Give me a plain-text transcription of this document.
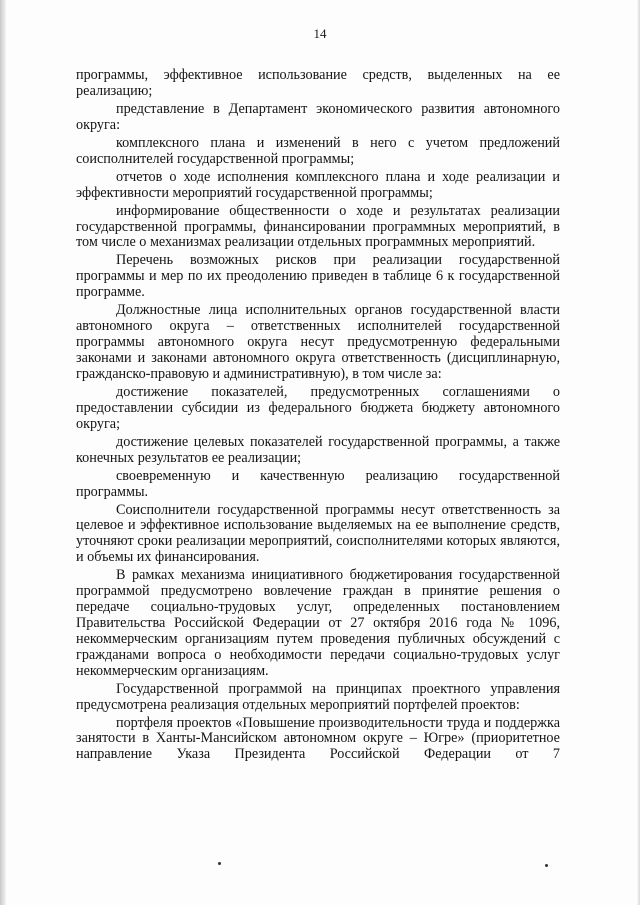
14

программы, эффективное использование средств, выделенных на ее реализацию;

представление в Департамент экономического развития автономного округа:

комплексного плана и изменений в него с учетом предложений соисполнителей государственной программы;

отчетов о ходе исполнения комплексного плана и ходе реализации и эффективности мероприятий государственной программы;

информирование общественности о ходе и результатах реализации государственной программы, финансировании программных мероприятий, в том числе о механизмах реализации отдельных программных мероприятий.

Перечень возможных рисков при реализации государственной программы и мер по их преодолению приведен в таблице 6 к государственной программе.

Должностные лица исполнительных органов государственной власти автономного округа – ответственных исполнителей государственной программы автономного округа несут предусмотренную федеральными законами и законами автономного округа ответственность (дисциплинарную, гражданско-правовую и административную), в том числе за:

достижение показателей, предусмотренных соглашениями о предоставлении субсидии из федерального бюджета бюджету автономного округа;

достижение целевых показателей государственной программы, а также конечных результатов ее реализации;

своевременную и качественную реализацию государственной программы.

Соисполнители государственной программы несут ответственность за целевое и эффективное использование выделяемых на ее выполнение средств, уточняют сроки реализации мероприятий, соисполнителями которых являются, и объемы их финансирования.

В рамках механизма инициативного бюджетирования государственной программой предусмотрено вовлечение граждан в принятие решения о передаче социально-трудовых услуг, определенных постановлением Правительства Российской Федерации от 27 октября 2016 года № 1096, некоммерческим организациям путем проведения публичных обсуждений с гражданами вопроса о необходимости передачи социально-трудовых услуг некоммерческим организациям.

Государственной программой на принципах проектного управления предусмотрена реализация отдельных мероприятий портфелей проектов:

портфеля проектов «Повышение производительности труда и поддержка занятости в Ханты-Мансийском автономном округе – Югре» (приоритетное направление Указа Президента Российской Федерации от 7
